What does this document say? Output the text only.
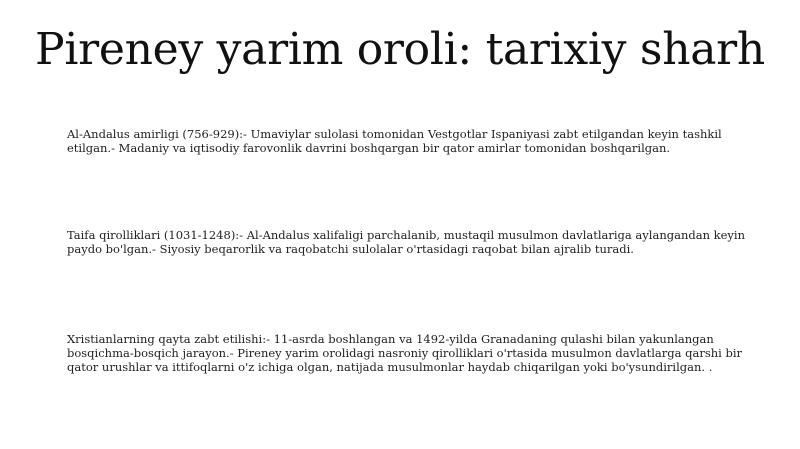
Pireney yarim oroli: tarixiy sharh

Al-Andalus amirligi (756-929):- Umaviylar sulolasi tomonidan Vestgotlar Ispaniyasi zabt etilgandan keyin tashkil etilgan.- Madaniy va iqtisodiy farovonlik davrini boshqargan bir qator amirlar tomonidan boshqarilgan.

Taifa qirolliklari (1031-1248):- Al-Andalus xalifaligi parchalanib, mustaqil musulmon davlatlariga aylangandan keyin paydo bo'lgan.- Siyosiy beqarorlik va raqobatchi sulolalar o'rtasidagi raqobat bilan ajralib turadi.

Xristianlarning qayta zabt etilishi:- 11-asrda boshlangan va 1492-yilda Granadaning qulashi bilan yakunlangan bosqichma-bosqich jarayon.- Pireney yarim orolidagi nasroniy qirolliklari o'rtasida musulmon davlatlarga qarshi bir qator urushlar va ittifoqlarni o'z ichiga olgan, natijada musulmonlar haydab chiqarilgan yoki bo'ysundirilgan. .
